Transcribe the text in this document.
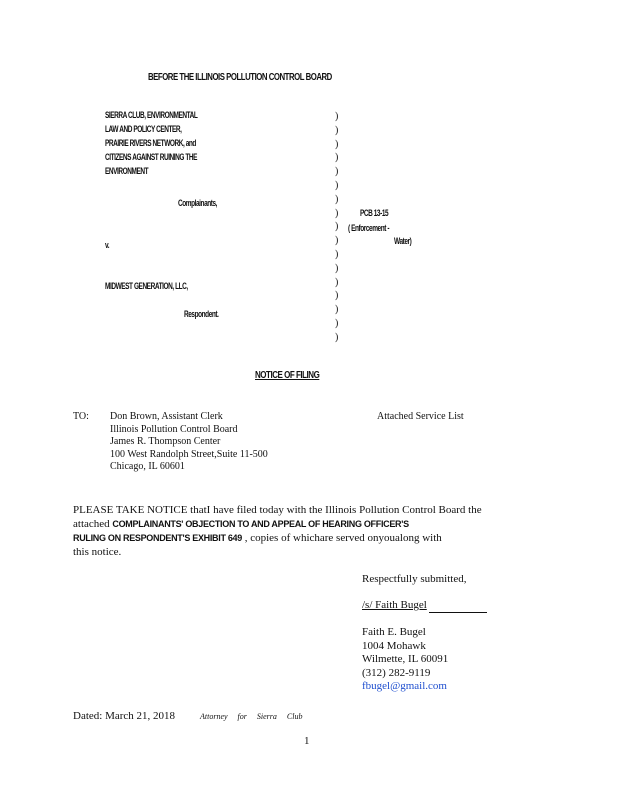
BEFORE THE ILLINOIS POLLUTION CONTROL BOARD
SIERRA CLUB, ENVIRONMENTAL
LAW AND POLICY CENTER,
PRAIRIE RIVERS NETWORK, and
CITIZENS AGAINST RUINING THE
ENVIRONMENT
Complainants,
v.
MIDWEST GENERATION, LLC,
Respondent.
)
)
)
)
)
)
)
)
)
)
)
)
)
)
)
)
)
PCB 13-15
( Enforcement -
Water)
NOTICE OF FILING
TO: Don Brown, Assistant Clerk
Illinois Pollution Control Board
James R. Thompson Center
100 West Randolph Street,Suite 11-500
Chicago, IL 60601
Attached Service List
PLEASE TAKE NOTICE thatI have filed today with the Illinois Pollution Control Board the
attached COMPLAINANTS' OBJECTION TO AND APPEAL OF HEARING OFFICER'S
RULING ON RESPONDENT'S EXHIBIT 649 , copies of whichare served onyoualong with
this notice.
Respectfully submitted,
/s/ Faith Bugel
Faith E. Bugel
1004 Mohawk
Wilmette, IL 60091
(312) 282-9119
fbugel@gmail.com
Dated: March 21, 2018	Attorney for Sierra Club
1
